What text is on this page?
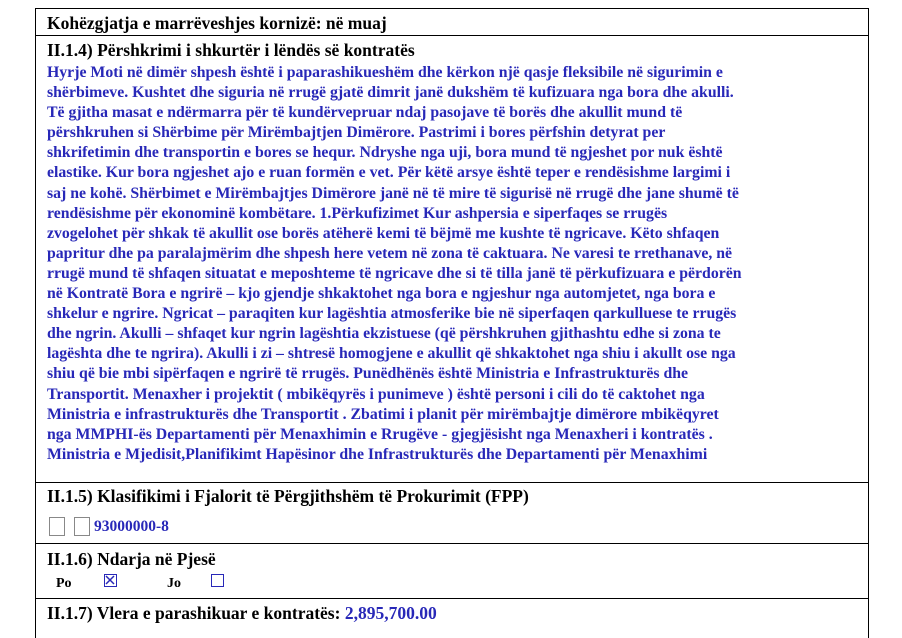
Kohëzgjatja e marrëveshjes kornizë: në muaj
II.1.4) Përshkrimi i shkurtër i lëndës së kontratës
Hyrje Moti në dimër shpesh është i paparashikueshëm dhe kërkon një qasje fleksibile në sigurimin e
shërbimeve. Kushtet dhe siguria në rrugë gjatë dimrit janë dukshëm të kufizuara nga bora dhe akulli.
Të gjitha masat e ndërmarra për të kundërvepruar ndaj pasojave të borës dhe akullit mund të
përshkruhen si Shërbime për Mirëmbajtjen Dimërore. Pastrimi i bores përfshin detyrat per
shkrifetimin dhe transportin e bores se hequr. Ndryshe nga uji, bora mund të ngjeshet por nuk është
elastike. Kur bora ngjeshet ajo e ruan formën e vet. Për këtë arsye është teper e rendësishme largimi i
saj ne kohë. Shërbimet e Mirëmbajtjes Dimërore janë në të mire të sigurisë në rrugë dhe jane shumë të
rendësishme për ekonominë kombëtare. 1.Përkufizimet Kur ashpersia e siperfaqes se rrugës
zvogelohet për shkak të akullit ose borës atëherë kemi të bëjmë me kushte të ngricave. Këto shfaqen
papritur dhe pa paralajmërim dhe shpesh here vetem në zona të caktuara. Ne varesi te rrethanave, në
rrugë mund të shfaqen situatat e meposhteme të ngricave dhe si të tilla janë të përkufizuara e përdorën
në Kontratë Bora e ngrirë – kjo gjendje shkaktohet nga bora e ngjeshur nga automjetet, nga bora e
shkelur e ngrire. Ngricat – paraqiten kur lagështia atmosferike bie në siperfaqen qarkulluese te rrugës
dhe ngrin. Akulli – shfaqet kur ngrin lagështia ekzistuese (që përshkruhen gjithashtu edhe si zona te
lagështa dhe te ngrira). Akulli i zi – shtresë homogjene e akullit që shkaktohet nga shiu i akullt ose nga
shiu që bie mbi sipërfaqen e ngrirë të rrugës. Punëdhënës është Ministria e Infrastrukturës dhe
Transportit. Menaxher i projektit ( mbikëqyrës i punimeve ) është personi i cili do të caktohet nga
Ministria e infrastrukturës dhe Transportit . Zbatimi i planit për mirëmbajtje dimërore mbikëqyret
nga MMPHI-ës Departamenti për Menaxhimin e Rrugëve - gjegjësisht nga Menaxheri i kontratës .
Ministria e Mjedisit,Planifikimt Hapësinor dhe Infrastrukturës dhe Departamenti për Menaxhimi
II.1.5) Klasifikimi i Fjalorit të Përgjithshëm të Prokurimit (FPP)
93000000-8
II.1.6) Ndarja në Pjesë
Po	Jo
II.1.7) Vlera e parashikuar e kontratës: 2,895,700.00
